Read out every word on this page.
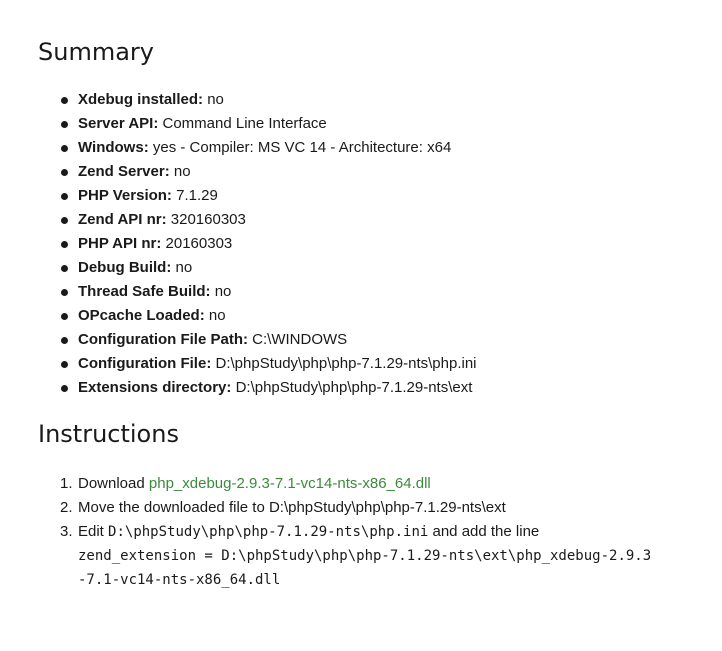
Summary
Xdebug installed: no
Server API: Command Line Interface
Windows: yes - Compiler: MS VC 14 - Architecture: x64
Zend Server: no
PHP Version: 7.1.29
Zend API nr: 320160303
PHP API nr: 20160303
Debug Build: no
Thread Safe Build: no
OPcache Loaded: no
Configuration File Path: C:\WINDOWS
Configuration File: D:\phpStudy\php\php-7.1.29-nts\php.ini
Extensions directory: D:\phpStudy\php\php-7.1.29-nts\ext
Instructions
1. Download php_xdebug-2.9.3-7.1-vc14-nts-x86_64.dll
2. Move the downloaded file to D:\phpStudy\php\php-7.1.29-nts\ext
3. Edit D:\phpStudy\php\php-7.1.29-nts\php.ini and add the line
zend_extension = D:\phpStudy\php\php-7.1.29-nts\ext\php_xdebug-2.9.3-7.1-vc14-nts-x86_64.dll
